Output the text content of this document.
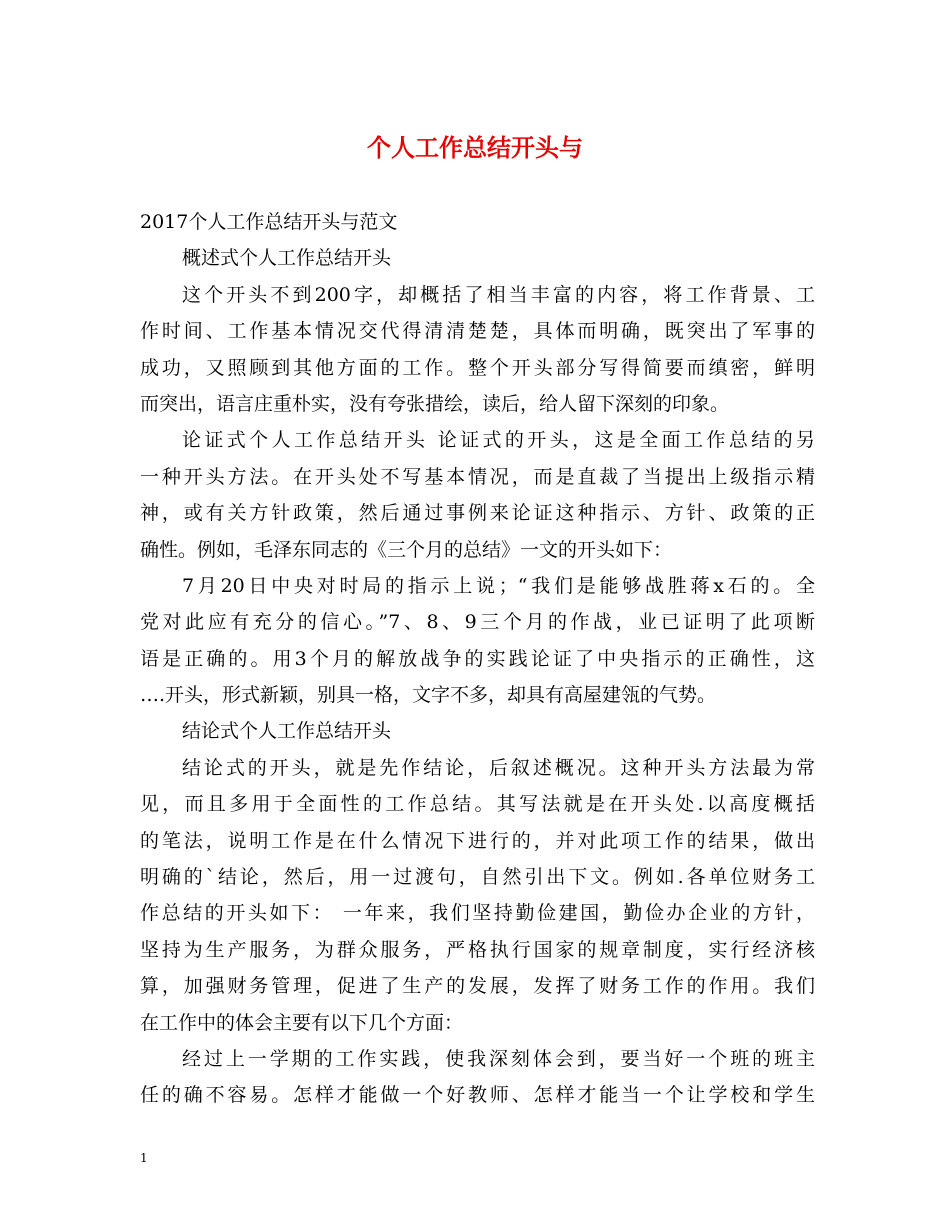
个人工作总结开头与
2017个人工作总结开头与范文
概述式个人工作总结开头
这个开头不到200字，却概括了相当丰富的内容，将工作背景、工
作时间、工作基本情况交代得清清楚楚，具体而明确，既突出了军事的
成功，又照顾到其他方面的工作。整个开头部分写得简要而缜密，鲜明
而突出，语言庄重朴实，没有夸张措绘，读后，给人留下深刻的印象。
论证式个人工作总结开头 论证式的开头，这是全面工作总结的另
一种开头方法。在开头处不写基本情况，而是直裁了当提出上级指示精
神，或有关方针政策，然后通过事例来论证这种指示、方针、政策的正
确性。例如，毛泽东同志的《三个月的总结》一文的开头如下：
7月20日中央对时局的指示上说；“我们是能够战胜蒋x石的。全
党对此应有充分的信心。”7、8、9三个月的作战，业已证明了此项断
语是正确的。用3个月的解放战争的实践论证了中央指示的正确性，这
….开头，形式新颖，别具一格，文字不多，却具有高屋建瓴的气势。
结论式个人工作总结开头
结论式的开头，就是先作结论，后叙述概况。这种开头方法最为常
见，而且多用于全面性的工作总结。其写法就是在开头处.以高度概括
的笔法，说明工作是在什么情况下进行的，并对此项工作的结果，做出
明确的`结论，然后，用一过渡句，自然引出下文。例如.各单位财务工
作总结的开头如下： 一年来，我们坚持勤俭建国，勤俭办企业的方针，
坚持为生产服务，为群众服务，严格执行国家的规章制度，实行经济核
算，加强财务管理，促进了生产的发展，发挥了财务工作的作用。我们
在工作中的体会主要有以下几个方面：
经过上一学期的工作实践，使我深刻体会到，要当好一个班的班主
任的确不容易。怎样才能做一个好教师、怎样才能当一个让学校和学生
1
